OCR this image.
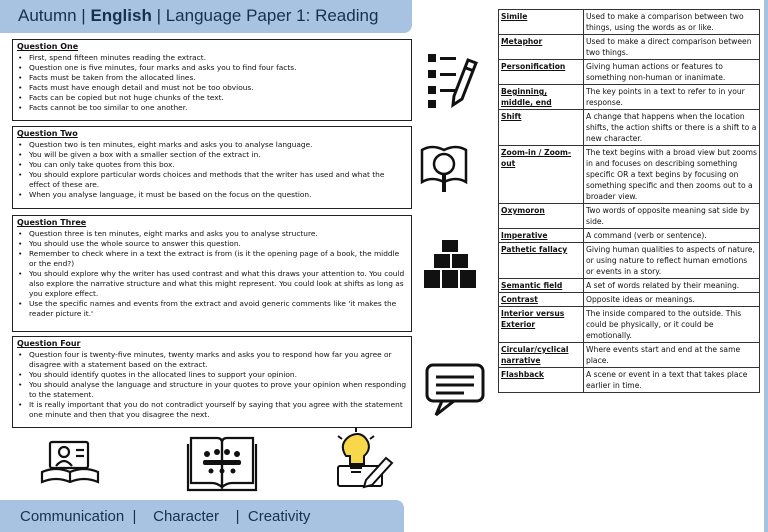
Autumn | English | Language Paper 1: Reading
Question One
• First, spend fifteen minutes reading the extract.
• Question one is five minutes, four marks and asks you to find four facts.
• Facts must be taken from the allocated lines.
• Facts must have enough detail and must not be too obvious.
• Facts can be copied but not huge chunks of the text.
• Facts cannot be too similar to one another.
Question Two
• Question two is ten minutes, eight marks and asks you to analyse language.
• You will be given a box with a smaller section of the extract in.
• You can only take quotes from this box.
• You should explore particular words choices and methods that the writer has used and what the effect of these are.
• When you analyse language, it must be based on the focus on the question.
Question Three
• Question three is ten minutes, eight marks and asks you to analyse structure.
• You should use the whole source to answer this question.
• Remember to check where in a text the extract is from (is it the opening page of a book, the middle or the end?)
• You should explore why the writer has used contrast and what this draws your attention to. You could also explore the narrative structure and what this might represent. You could look at shifts as long as you explore effect.
• Use the specific names and events from the extract and avoid generic comments like 'it makes the reader picture it.'
Question Four
• Question four is twenty-five minutes, twenty marks and asks you to respond how far you agree or disagree with a statement based on the extract.
• You should identify quotes in the allocated lines to support your opinion.
• You should analyse the language and structure in your quotes to prove your opinion when responding to the statement.
• It is really important that you do not contradict yourself by saying that you agree with the statement one minute and then that you disagree the next.
Communication  |    Character    |  Creativity
Simile	Used to make a comparison between two things, using the words as or like.
Metaphor	Used to make a direct comparison between two things.
Personification	Giving human actions or features to something non-human or inanimate.
Beginning, middle, end	The key points in a text to refer to in your response.
Shift	A change that happens when the location shifts, the action shifts or there is a shift to a new character.
Zoom-in / Zoom-out	The text begins with a broad view but zooms in and focuses on describing something specific OR a text begins by focusing on something specific and then zooms out to a broader view.
Oxymoron	Two words of opposite meaning sat side by side.
Imperative	A command (verb or sentence).
Pathetic fallacy	Giving human qualities to aspects of nature, or using nature to reflect human emotions or events in a story.
Semantic field	A set of words related by their meaning.
Contrast	Opposite ideas or meanings.
Interior versus Exterior	The inside compared to the outside. This could be physically, or it could be emotionally.
Circular/cyclical narrative	Where events start and end at the same place.
Flashback	A scene or event in a text that takes place earlier in time.
